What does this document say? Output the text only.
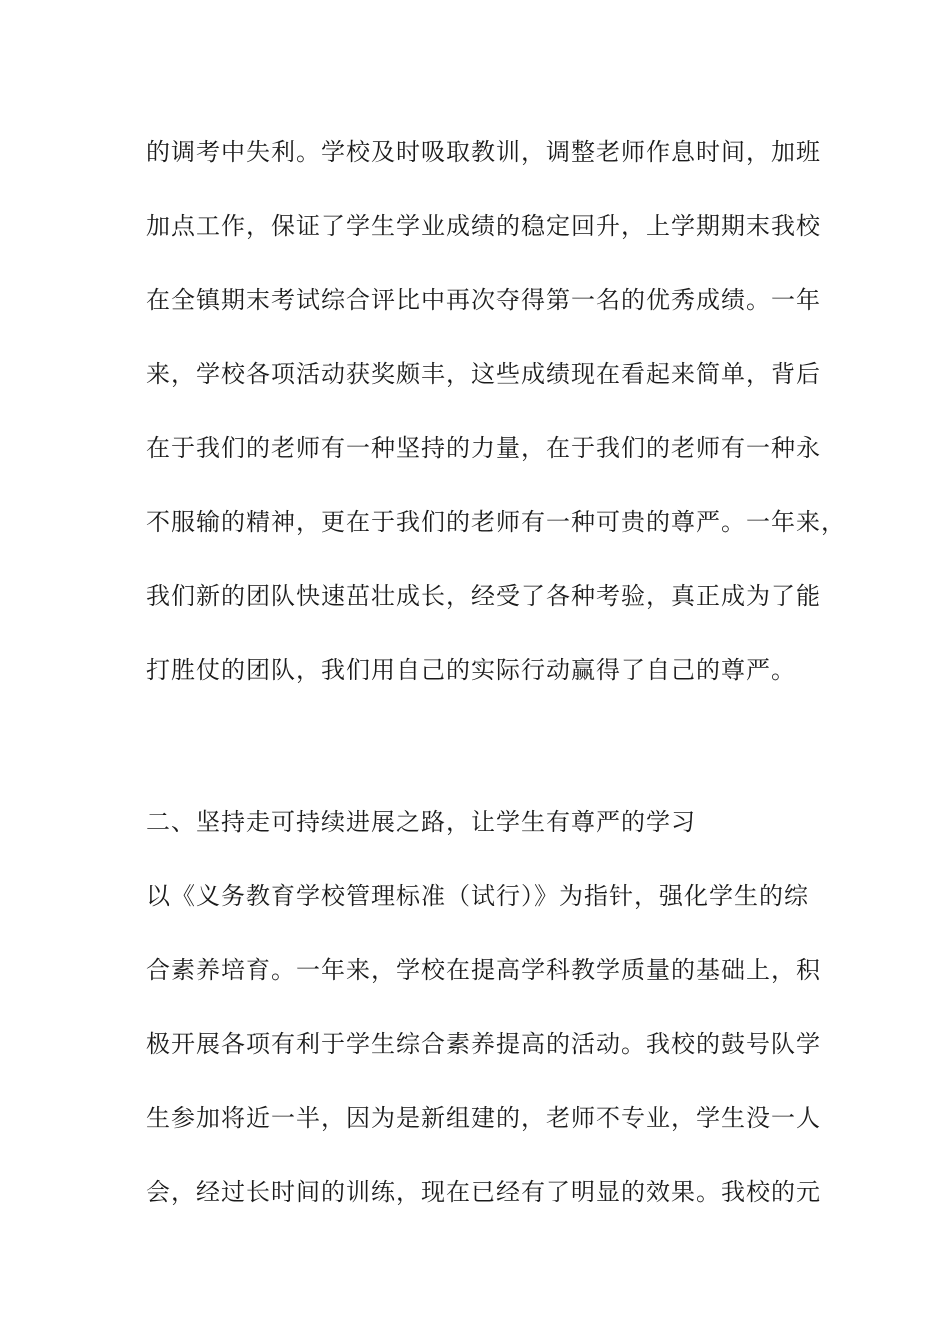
的调考中失利。学校及时吸取教训，调整老师作息时间，加班
加点工作，保证了学生学业成绩的稳定回升，上学期期末我校
在全镇期末考试综合评比中再次夺得第一名的优秀成绩。一年
来，学校各项活动获奖颇丰，这些成绩现在看起来简单，背后
在于我们的老师有一种坚持的力量，在于我们的老师有一种永
不服输的精神，更在于我们的老师有一种可贵的尊严。一年来，
我们新的团队快速茁壮成长，经受了各种考验，真正成为了能
打胜仗的团队，我们用自己的实际行动赢得了自己的尊严。
二、坚持走可持续进展之路，让学生有尊严的学习
以《义务教育学校管理标准（试行）》为指针，强化学生的综
合素养培育。一年来，学校在提高学科教学质量的基础上，积
极开展各项有利于学生综合素养提高的活动。我校的鼓号队学
生参加将近一半，因为是新组建的，老师不专业，学生没一人
会，经过长时间的训练，现在已经有了明显的效果。我校的元
